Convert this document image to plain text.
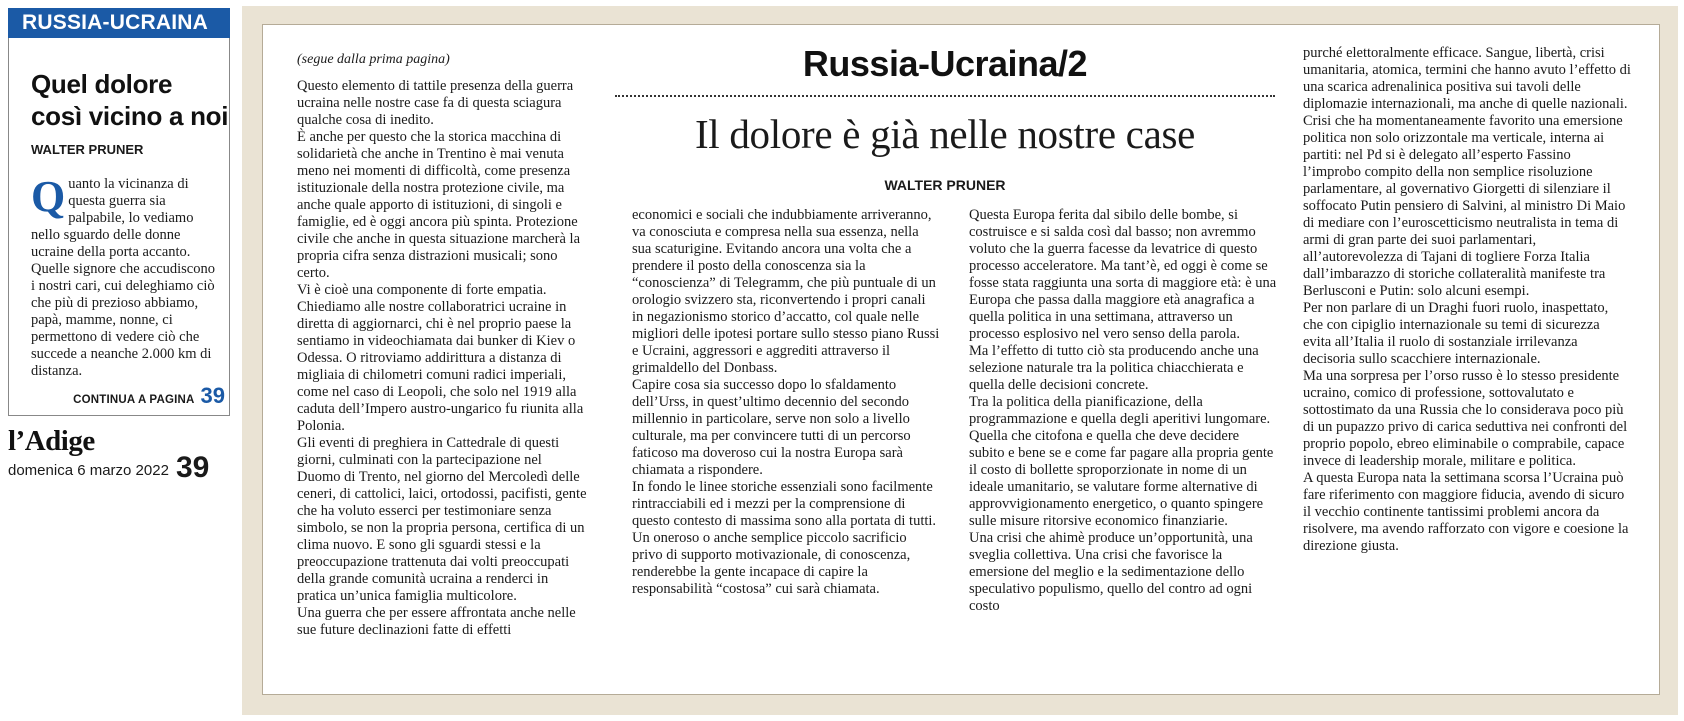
RUSSIA-UCRAINA
Quel dolore
così vicino a noi
WALTER PRUNER
Quanto la vicinanza di questa guerra sia palpabile, lo vediamo nello sguardo delle donne ucraine della porta accanto. Quelle signore che accudiscono i nostri cari, cui deleghiamo ciò che più di prezioso abbiamo, papà, mamme, nonne, ci permettono di vedere ciò che succede a neanche 2.000 km di distanza.
CONTINUA A PAGINA 39
l’Adige
domenica 6 marzo 2022 39

(segue dalla prima pagina)

Questo elemento di tattile presenza della guerra ucraina nelle nostre case fa di questa sciagura qualche cosa di inedito.

È anche per questo che la storica macchina di solidarietà che anche in Trentino è mai venuta meno nei momenti di difficoltà, come presenza istituzionale della nostra protezione civile, ma anche quale apporto di istituzioni, di singoli e famiglie, ed è oggi ancora più spinta. Protezione civile che anche in questa situazione marcherà la propria cifra senza distrazioni musicali; sono certo.

Vi è cioè una componente di forte empatia. Chiediamo alle nostre collaboratrici ucraine in diretta di aggiornarci, chi è nel proprio paese la sentiamo in videochiamata dai bunker di Kiev o Odessa. O ritroviamo addirittura a distanza di migliaia di chilometri comuni radici imperiali, come nel caso di Leopoli, che solo nel 1919 alla caduta dell’Impero austro-ungarico fu riunita alla Polonia.

Gli eventi di preghiera in Cattedrale di questi giorni, culminati con la partecipazione nel Duomo di Trento, nel giorno del Mercoledì delle ceneri, di cattolici, laici, ortodossi, pacifisti, gente che ha voluto esserci per testimoniare senza simbolo, se non la propria persona, certifica di un clima nuovo. E sono gli sguardi stessi e la preoccupazione trattenuta dai volti preoccupati della grande comunità ucraina a renderci in pratica un’unica famiglia multicolore.

Una guerra che per essere affrontata anche nelle sue future declinazioni fatte di effetti

Russia-Ucraina/2
Il dolore è già nelle nostre case
WALTER PRUNER

economici e sociali che indubbiamente arriveranno, va conosciuta e compresa nella sua essenza, nella sua scaturigine. Evitando ancora una volta che a prendere il posto della conoscenza sia la “conoscienza” di Telegramm, che più puntuale di un orologio svizzero sta, riconvertendo i propri canali in negazionismo storico d’accatto, col quale nelle migliori delle ipotesi portare sullo stesso piano Russi e Ucraini, aggressori e aggrediti attraverso il grimaldello del Donbass.

Capire cosa sia successo dopo lo sfaldamento dell’Urss, in quest’ultimo decennio del secondo millennio in particolare, serve non solo a livello culturale, ma per convincere tutti di un percorso faticoso ma doveroso cui la nostra Europa sarà chiamata a rispondere.

In fondo le linee storiche essenziali sono facilmente rintracciabili ed i mezzi per la comprensione di questo contesto di massima sono alla portata di tutti. Un oneroso o anche semplice piccolo sacrificio privo di supporto motivazionale, di conoscenza, renderebbe la gente incapace di capire la responsabilità “costosa” cui sarà chiamata.

Questa Europa ferita dal sibilo delle bombe, si costruisce e si salda così dal basso; non avremmo voluto che la guerra facesse da levatrice di questo processo acceleratore. Ma tant’è, ed oggi è come se fosse stata raggiunta una sorta di maggiore età: è una Europa che passa dalla maggiore età anagrafica a quella politica in una settimana, attraverso un processo esplosivo nel vero senso della parola.

Ma l’effetto di tutto ciò sta producendo anche una selezione naturale tra la politica chiacchierata e quella delle decisioni concrete.

Tra la politica della pianificazione, della programmazione e quella degli aperitivi lungomare. Quella che citofona e quella che deve decidere subito e bene se e come far pagare alla propria gente il costo di bollette sproporzionate in nome di un ideale umanitario, se valutare forme alternative di approvvigionamento energetico, o quanto spingere sulle misure ritorsive economico finanziarie.

Una crisi che ahimè produce un’opportunità, una sveglia collettiva. Una crisi che favorisce la emersione del meglio e la sedimentazione dello speculativo populismo, quello del contro ad ogni costo

purché elettoralmente efficace. Sangue, libertà, crisi umanitaria, atomica, termini che hanno avuto l’effetto di una scarica adrenalinica positiva sui tavoli delle diplomazie internazionali, ma anche di quelle nazionali.

Crisi che ha momentaneamente favorito una emersione politica non solo orizzontale ma verticale, interna ai partiti: nel Pd si è delegato all’esperto Fassino l’improbo compito della non semplice risoluzione parlamentare, al governativo Giorgetti di silenziare il soffocato Putin pensiero di Salvini, al ministro Di Maio di mediare con l’euroscetticismo neutralista in tema di armi di gran parte dei suoi parlamentari, all’autorevolezza di Tajani di togliere Forza Italia dall’imbarazzo di storiche collateralità manifeste tra Berlusconi e Putin: solo alcuni esempi.

Per non parlare di un Draghi fuori ruolo, inaspettato, che con cipiglio internazionale su temi di sicurezza evita all’Italia il ruolo di sostanziale irrilevanza decisoria sullo scacchiere internazionale.

Ma una sorpresa per l’orso russo è lo stesso presidente ucraino, comico di professione, sottovalutato e sottostimato da una Russia che lo considerava poco più di un pupazzo privo di carica seduttiva nei confronti del proprio popolo, ebreo eliminabile o comprabile, capace invece di leadership morale, militare e politica.

A questa Europa nata la settimana scorsa l’Ucraina può fare riferimento con maggiore fiducia, avendo di sicuro il vecchio continente tantissimi problemi ancora da risolvere, ma avendo rafforzato con vigore e coesione la direzione giusta.
